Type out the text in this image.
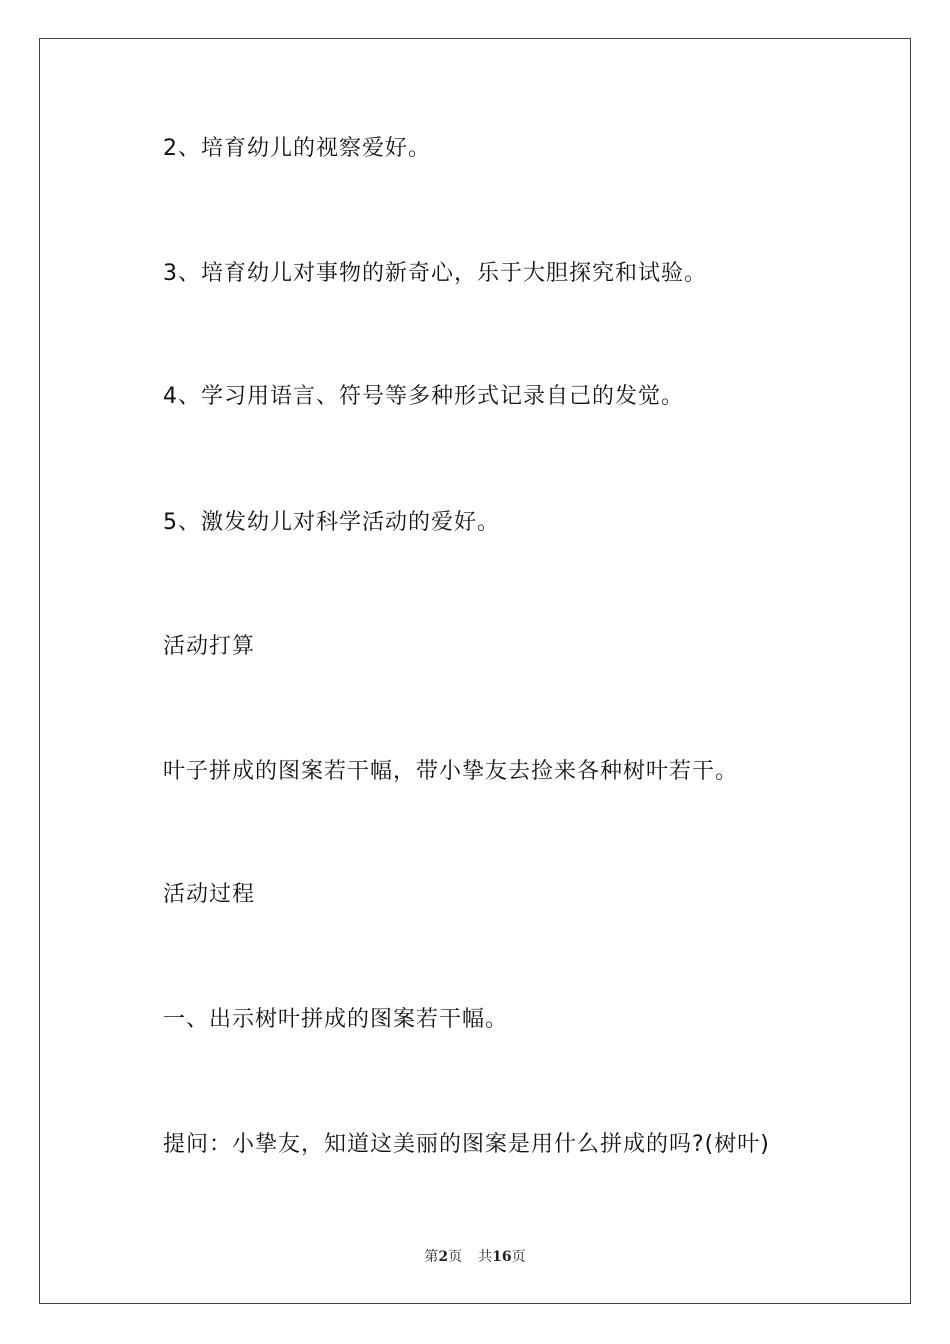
2、培育幼儿的视察爱好。
3、培育幼儿对事物的新奇心，乐于大胆探究和试验。
4、学习用语言、符号等多种形式记录自己的发觉。
5、激发幼儿对科学活动的爱好。
活动打算
叶子拼成的图案若干幅，带小挚友去捡来各种树叶若干。
活动过程
一、出示树叶拼成的图案若干幅。
提问：小挚友，知道这美丽的图案是用什么拼成的吗?(树叶)
第2页 共16页
